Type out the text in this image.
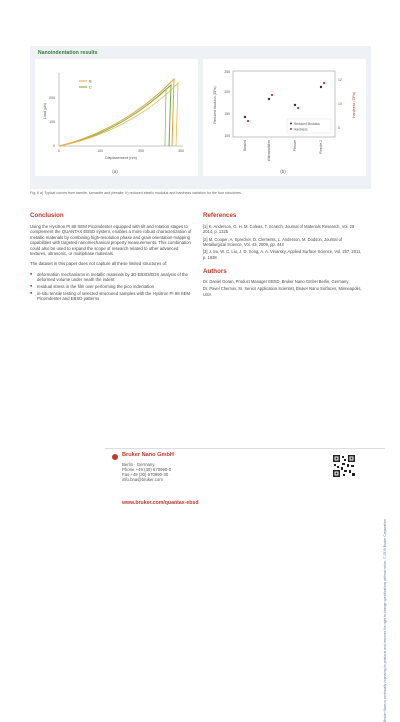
Nanoindentation results
0
100
200
0	100	200	300
Load (µN)
Displacement (nm)
B
C
(a)
100
150
200
250
8
10
12
Reduced modulus (GPa)	Hardness (GPa)
Reduced Modulus
Hardness
Banded	Widmanstätten	Plessite	Plessite 2
(b)
Fig. 6 a) Typical curves from taenite, kamacite and plessite; b) reduced elastic modulus and hardness variation for the four structures.
Conclusion

Using the Hysitron PI 88 SEM PicoIndenter equipped with tilt and rotation stages to complement the QUANTAX EBSD system, enables a more robust characterization of metallic materials by combining high-resolution phase and grain orientation mapping capabilities with targeted nanomechanical property measurements. This combination could also be used to expand the scope of research related to other advanced textures, ultrasonic, or multiphase materials.

The dataset in this paper does not capture all these limited structures of:

■ deformation mechanisms in metallic materials by 3D EBSD/EDS analysis of the deformed volume under neath the indent
■ residual stress in the film over performing the pico indentation
■ in-situ tensile testing of selected structured samples with the Hysitron PI 88 SEM PicoIndenter and EBSD patterns
References
[1] K. Anderson, G. H. M. Coleas, T. Scratch, Journal of Materials Research, Vol. 29 2014, p. 1225
[2] M. Cooper, A. Sprecker, D. Clements, L. Anderson, M. Dodson, Journal of Metallurgical Science, Vol. 43, 2009, pp. 443
[3] J. Su, W. C. Liu, J. D. Song, A. A. Vinarsky, Applied Surface Science, Vol. 257, 2011, p. 1838
Authors
Dr. Daniel Goran, Product Manager EBSD, Bruker Nano GmbH Berlin, Germany
Dr. Pavel Chernov, Sr. Senior Application Scientist, Bruker Nano Surfaces, Minneapolis, USA
Bruker Nano is continually improving its products and reserves the right to change specifications without notice. © 2015 Bruker Corporation.
Bruker Nano GmbH
Berlin · Germany
Phone +49 (30) 670990-0
Fax +49 (30) 670990-30
info.bna@bruker.com
www.bruker.com/quantax-ebsd
